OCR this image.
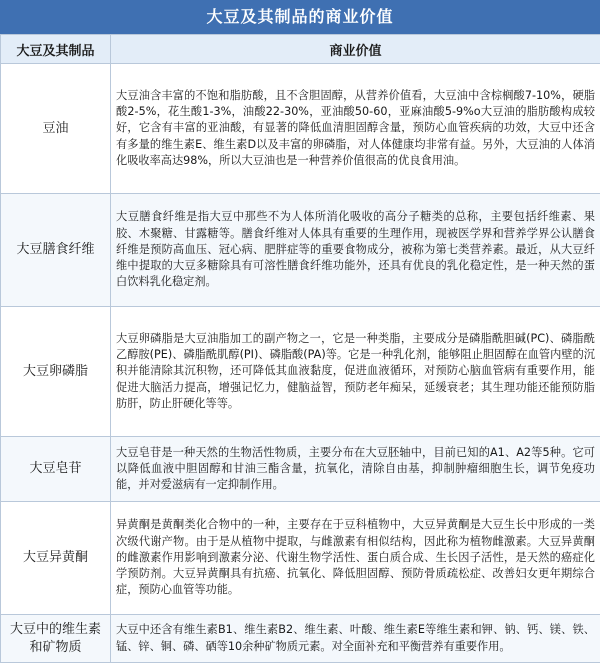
大豆及其制品的商业价值
大豆及其制品	商业价值
豆油	大豆油含丰富的不饱和脂肪酸，且不含胆固醇，从营养价值看，大豆油中含棕榈酸7-10%，硬脂酸2-5%，花生酸1-3%，油酸22-30%，亚油酸50-60，亚麻油酸5-9%o大豆油的脂肪酸构成较好，它含有丰富的亚油酸，有显著的降低血清胆固醇含量，预防心血管疾病的功效，大豆中还含有多量的维生素E、维生素D以及丰富的卵磷脂，对人体健康均非常有益。另外，大豆油的人体消化吸收率高达98%，所以大豆油也是一种营养价值很高的优良食用油。
大豆膳食纤维	大豆膳食纤维是指大豆中那些不为人体所消化吸收的高分子糖类的总称，主要包括纤维素、果胶、木聚糖、甘露糖等。膳食纤维对人体具有重要的生理作用，现被医学界和营养学界公认膳食纤维是预防高血压、冠心病、肥胖症等的重要食物成分，被称为第七类营养素。最近，从大豆纤维中提取的大豆多糖除具有可溶性膳食纤维功能外，还具有优良的乳化稳定性，是一种天然的蛋白饮料乳化稳定剂。
大豆卵磷脂	大豆卵磷脂是大豆油脂加工的副产物之一，它是一种类脂，主要成分是磷脂酰胆碱(PC)、磷脂酰乙醇胺(PE)、磷脂酰肌醇(PI)、磷脂酸(PA)等。它是一种乳化剂，能够阻止胆固醇在血管内壁的沉积并能清除其沉积物，还可降低其血液黏度，促进血液循环，对预防心脑血管病有重要作用，能促进大脑活力提高，增强记忆力，健脑益智，预防老年痴呆，延缓衰老；其生理功能还能预防脂肪肝，防止肝硬化等等。
大豆皂苷	大豆皂苷是一种天然的生物活性物质，主要分布在大豆胚轴中，目前已知的A1、A2等5种。它可以降低血液中胆固醇和甘油三酯含量，抗氧化，清除自由基，抑制肿瘤细胞生长，调节免疫功能，并对爱滋病有一定抑制作用。
大豆异黄酮	异黄酮是黄酮类化合物中的一种，主要存在于豆科植物中，大豆异黄酮是大豆生长中形成的一类次级代谢产物。由于是从植物中提取，与雌激素有相似结构，因此称为植物雌激素。大豆异黄酮的雌激素作用影响到激素分泌、代谢生物学活性、蛋白质合成、生长因子活性，是天然的癌症化学预防剂。大豆异黄酮具有抗癌、抗氧化、降低胆固醇、预防骨质疏松症、改善妇女更年期综合症，预防心血管等功能。
大豆中的维生素和矿物质	大豆中还含有维生素B1、维生素B2、维生素、叶酸、维生素E等维生素和钾、钠、钙、镁、铁、锰、锌、铜、磷、硒等10余种矿物质元素。对全面补充和平衡营养有重要作用。
